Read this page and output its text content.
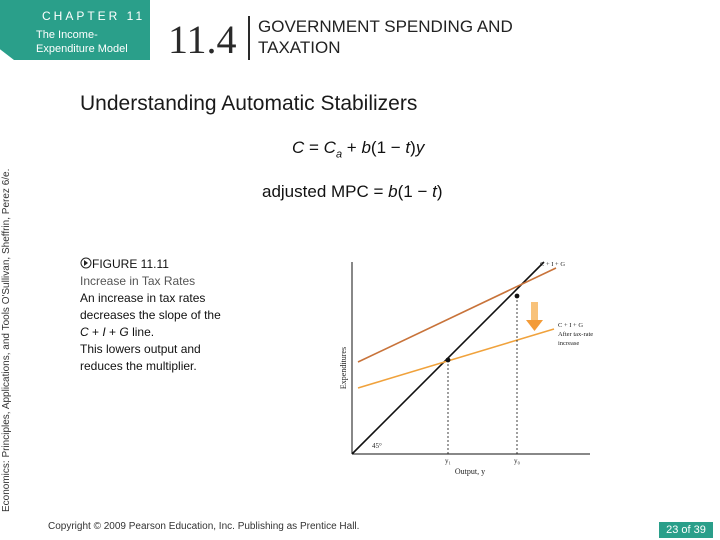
CHAPTER 11
The Income-Expenditure Model	11.4 GOVERNMENT SPENDING AND TAXATION
Economics: Principles, Applications, and Tools O'Sullivan, Sheffrin, Perez 6/e.
Understanding Automatic Stabilizers
$C = C_a + b(1 - t)y$
adjusted MPC = b(1 − t)
FIGURE 11.11
Increase in Tax Rates
An increase in tax rates decreases the slope of the C + I + G line.
This lowers output and reduces the multiplier.	Expenditures
Output, y
45°
C + I + G
C + I + G
After tax-rate
increase
y₁	y₀
Copyright © 2009 Pearson Education, Inc. Publishing as Prentice Hall.	23 of 39
